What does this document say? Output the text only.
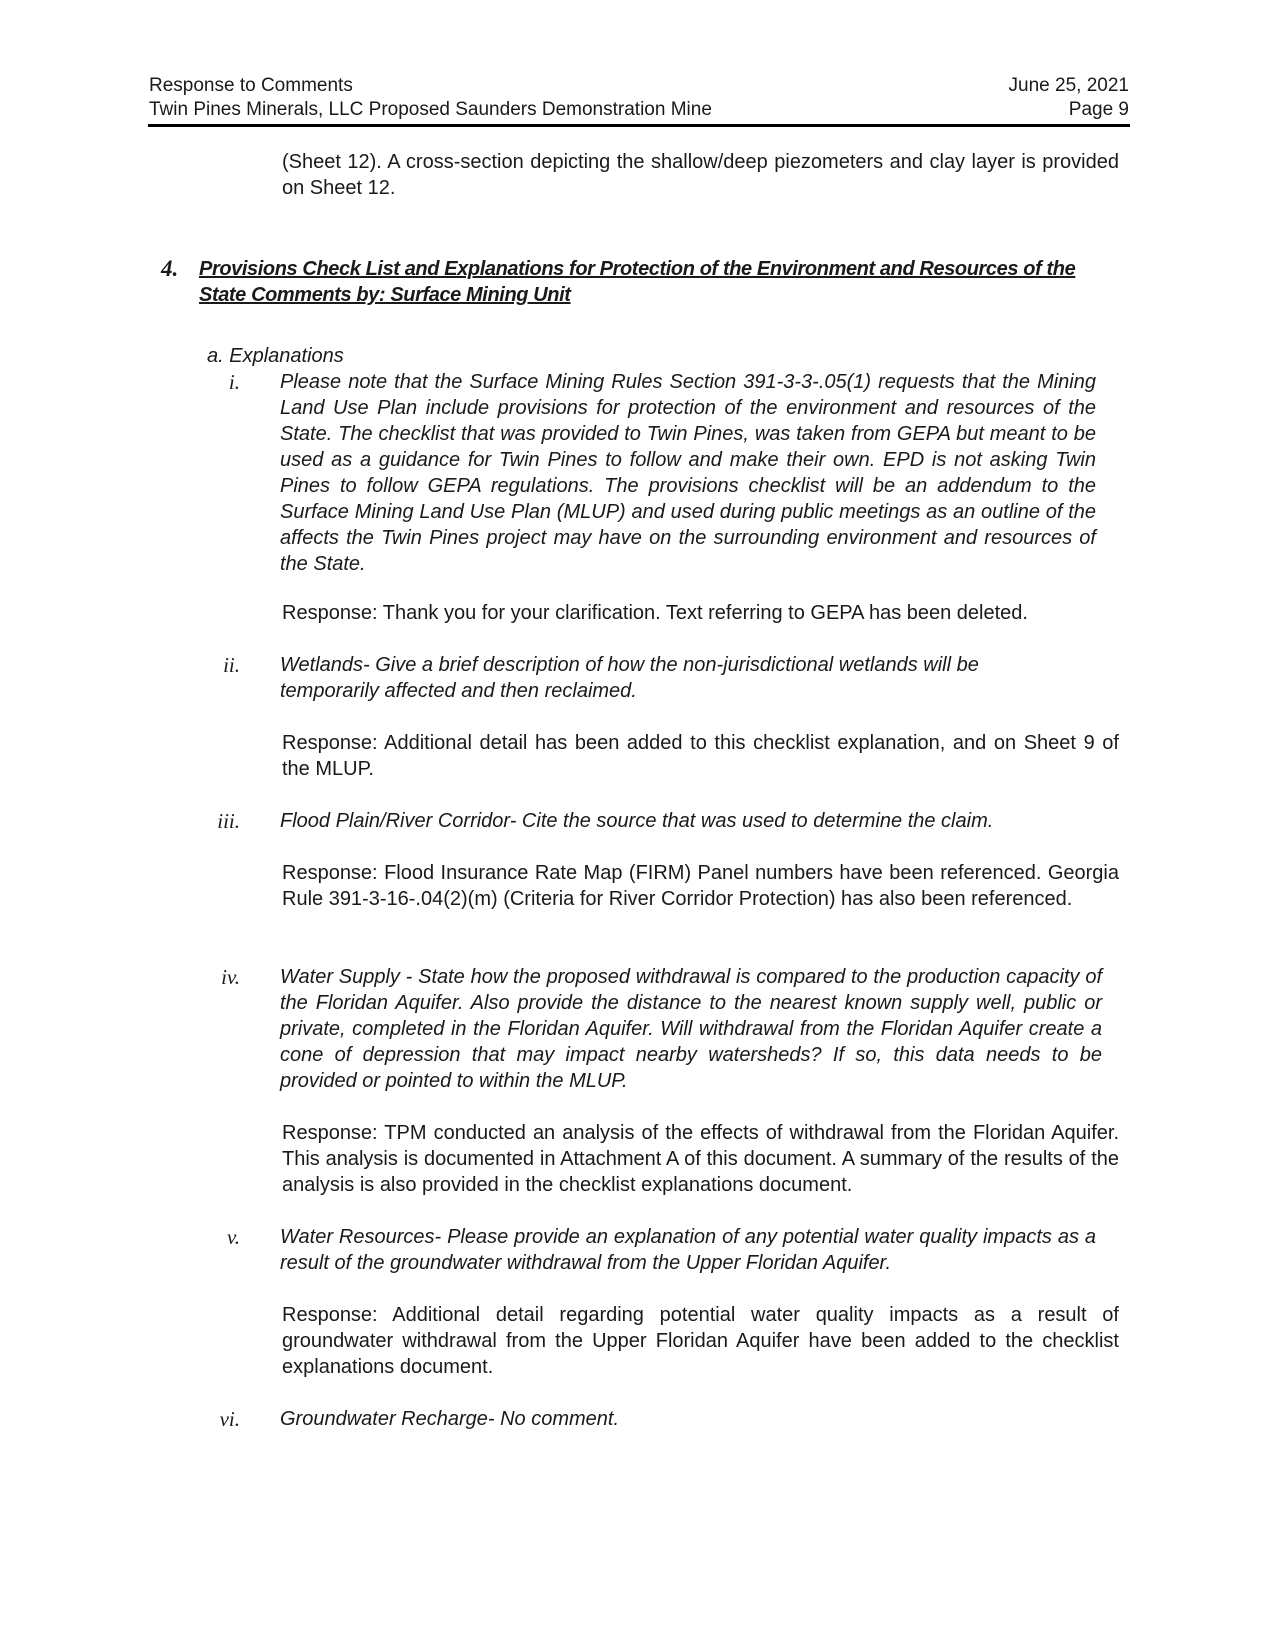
Response to Comments	June 25, 2021
Twin Pines Minerals, LLC Proposed Saunders Demonstration Mine	Page 9

(Sheet 12). A cross-section depicting the shallow/deep piezometers and clay layer is provided on Sheet 12.

4. Provisions Check List and Explanations for Protection of the Environment and Resources of the State Comments by: Surface Mining Unit
a. Explanations
i. Please note that the Surface Mining Rules Section 391-3-3-.05(1) requests that the Mining Land Use Plan include provisions for protection of the environment and resources of the State. The checklist that was provided to Twin Pines, was taken from GEPA but meant to be used as a guidance for Twin Pines to follow and make their own. EPD is not asking Twin Pines to follow GEPA regulations. The provisions checklist will be an addendum to the Surface Mining Land Use Plan (MLUP) and used during public meetings as an outline of the affects the Twin Pines project may have on the surrounding environment and resources of the State.

Response: Thank you for your clarification. Text referring to GEPA has been deleted.

ii. Wetlands- Give a brief description of how the non-jurisdictional wetlands will be temporarily affected and then reclaimed.

Response: Additional detail has been added to this checklist explanation, and on Sheet 9 of the MLUP.

iii. Flood Plain/River Corridor- Cite the source that was used to determine the claim.

Response: Flood Insurance Rate Map (FIRM) Panel numbers have been referenced. Georgia Rule 391-3-16-.04(2)(m) (Criteria for River Corridor Protection) has also been referenced.

iv. Water Supply - State how the proposed withdrawal is compared to the production capacity of the Floridan Aquifer. Also provide the distance to the nearest known supply well, public or private, completed in the Floridan Aquifer. Will withdrawal from the Floridan Aquifer create a cone of depression that may impact nearby watersheds? If so, this data needs to be provided or pointed to within the MLUP.

Response: TPM conducted an analysis of the effects of withdrawal from the Floridan Aquifer. This analysis is documented in Attachment A of this document. A summary of the results of the analysis is also provided in the checklist explanations document.

v. Water Resources- Please provide an explanation of any potential water quality impacts as a result of the groundwater withdrawal from the Upper Floridan Aquifer.

Response: Additional detail regarding potential water quality impacts as a result of groundwater withdrawal from the Upper Floridan Aquifer have been added to the checklist explanations document.

vi. Groundwater Recharge- No comment.
